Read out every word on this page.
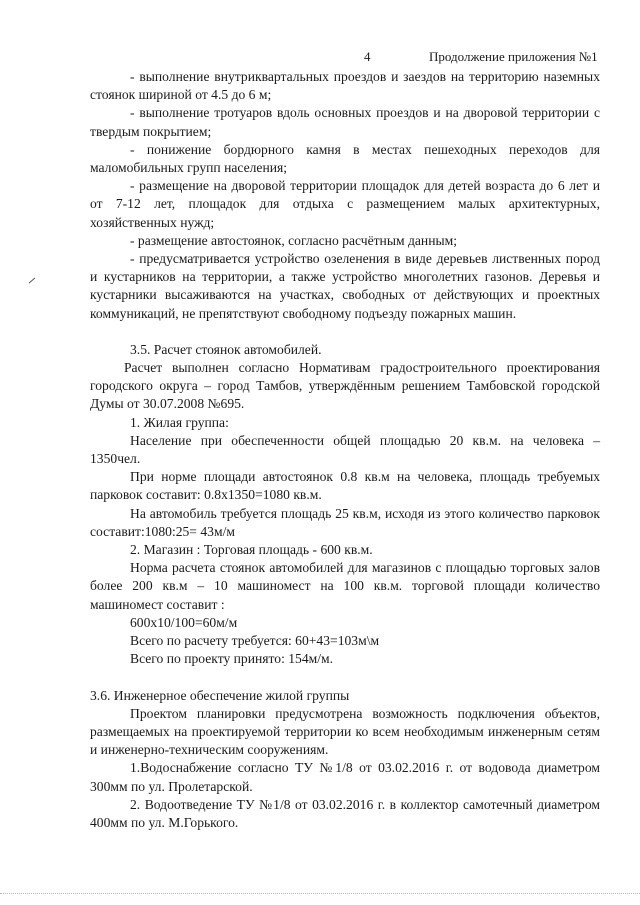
4	Продолжение приложения №1

- выполнение внутриквартальных проездов и заездов на территорию наземных стоянок шириной от 4.5 до 6 м;

- выполнение тротуаров вдоль основных проездов и на дворовой территории с твердым покрытием;

- понижение бордюрного камня в местах пешеходных переходов для маломобильных групп населения;

- размещение на дворовой территории площадок для детей возраста до 6 лет и от 7-12 лет, площадок для отдыха с размещением малых архитектурных, хозяйственных нужд;

- размещение автостоянок, согласно расчётным данным;

- предусматривается устройство озеленения в виде деревьев лиственных пород и кустарников на территории, а также устройство многолетних газонов. Деревья и кустарники высаживаются на участках, свободных от действующих и проектных коммуникаций, не препятствуют свободному подъезду пожарных машин.

3.5. Расчет стоянок автомобилей.

Расчет выполнен согласно Нормативам градостроительного проектирования городского округа – город Тамбов, утверждённым решением Тамбовской городской Думы от 30.07.2008 №695.

1. Жилая группа:

Население при обеспеченности общей площадью 20 кв.м. на человека – 1350чел.

При норме площади автостоянок 0.8 кв.м на человека, площадь требуемых парковок составит: 0.8х1350=1080 кв.м.

На автомобиль требуется площадь 25 кв.м, исходя из этого количество парковок составит:1080:25= 43м/м

2. Магазин : Торговая площадь - 600 кв.м.

Норма расчета стоянок автомобилей для магазинов с площадью торговых залов более 200 кв.м – 10 машиномест на 100 кв.м. торговой площади количество машиномест составит :

600х10/100=60м/м

Всего по расчету требуется: 60+43=103м\м

Всего по проекту принято: 154м/м.

3.6. Инженерное обеспечение жилой группы

Проектом планировки предусмотрена возможность подключения объектов, размещаемых на проектируемой территории ко всем необходимым инженерным сетям и инженерно-техническим сооружениям.

1.Водоснабжение согласно ТУ №1/8 от 03.02.2016 г. от водовода диаметром 300мм по ул. Пролетарской.

2. Водоотведение ТУ №1/8 от 03.02.2016 г. в коллектор самотечный диаметром 400мм по ул. М.Горького.
